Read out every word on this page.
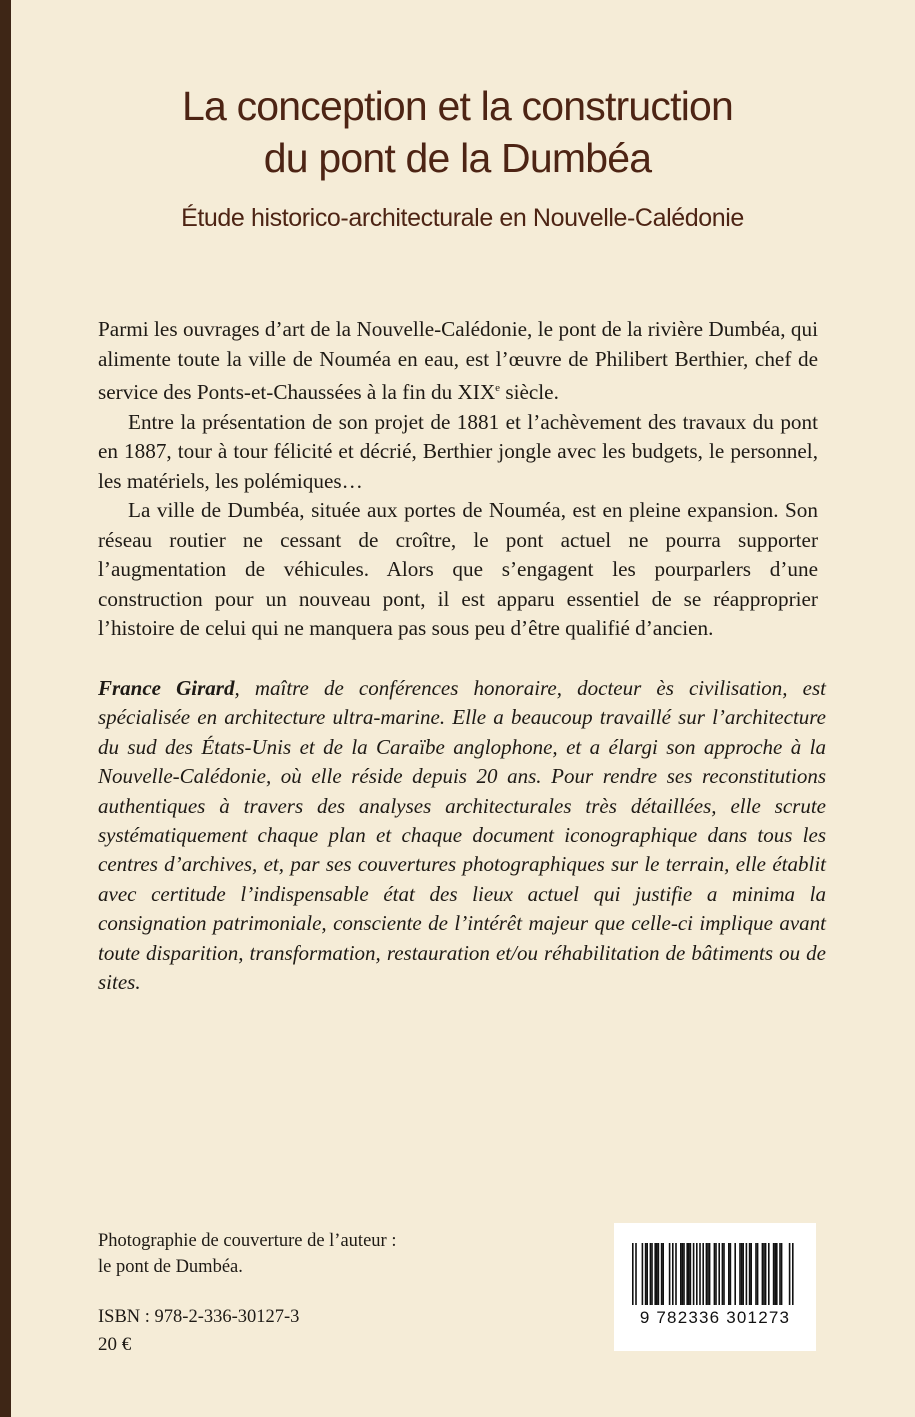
La conception et la construction
du pont de la Dumbéa
Étude historico-architecturale en Nouvelle-Calédonie

Parmi les ouvrages d’art de la Nouvelle-Calédonie, le pont de la rivière Dumbéa, qui alimente toute la ville de Nouméa en eau, est l’œuvre de Philibert Berthier, chef de service des Ponts-et-Chaussées à la fin du XIXe siècle.

Entre la présentation de son projet de 1881 et l’achèvement des travaux du pont en 1887, tour à tour félicité et décrié, Berthier jongle avec les budgets, le personnel, les matériels, les polémiques…

La ville de Dumbéa, située aux portes de Nouméa, est en pleine expansion. Son réseau routier ne cessant de croître, le pont actuel ne pourra supporter l’augmentation de véhicules. Alors que s’engagent les pourparlers d’une construction pour un nouveau pont, il est apparu essentiel de se réapproprier l’histoire de celui qui ne manquera pas sous peu d’être qualifié d’ancien.

France Girard, maître de conférences honoraire, docteur ès civilisation, est spécialisée en architecture ultra-marine. Elle a beaucoup travaillé sur l’architecture du sud des États-Unis et de la Caraïbe anglophone, et a élargi son approche à la Nouvelle-Calédonie, où elle réside depuis 20 ans. Pour rendre ses reconstitutions authentiques à travers des analyses architecturales très détaillées, elle scrute systématiquement chaque plan et chaque document iconographique dans tous les centres d’archives, et, par ses couvertures photographiques sur le terrain, elle établit avec certitude l’indispensable état des lieux actuel qui justifie a minima la consignation patrimoniale, consciente de l’intérêt majeur que celle-ci implique avant toute disparition, transformation, restauration et/ou réhabilitation de bâtiments ou de sites.

Photographie de couverture de l’auteur :
le pont de Dumbéa.
ISBN : 978-2-336-30127-3
20 €
9 782336 301273
